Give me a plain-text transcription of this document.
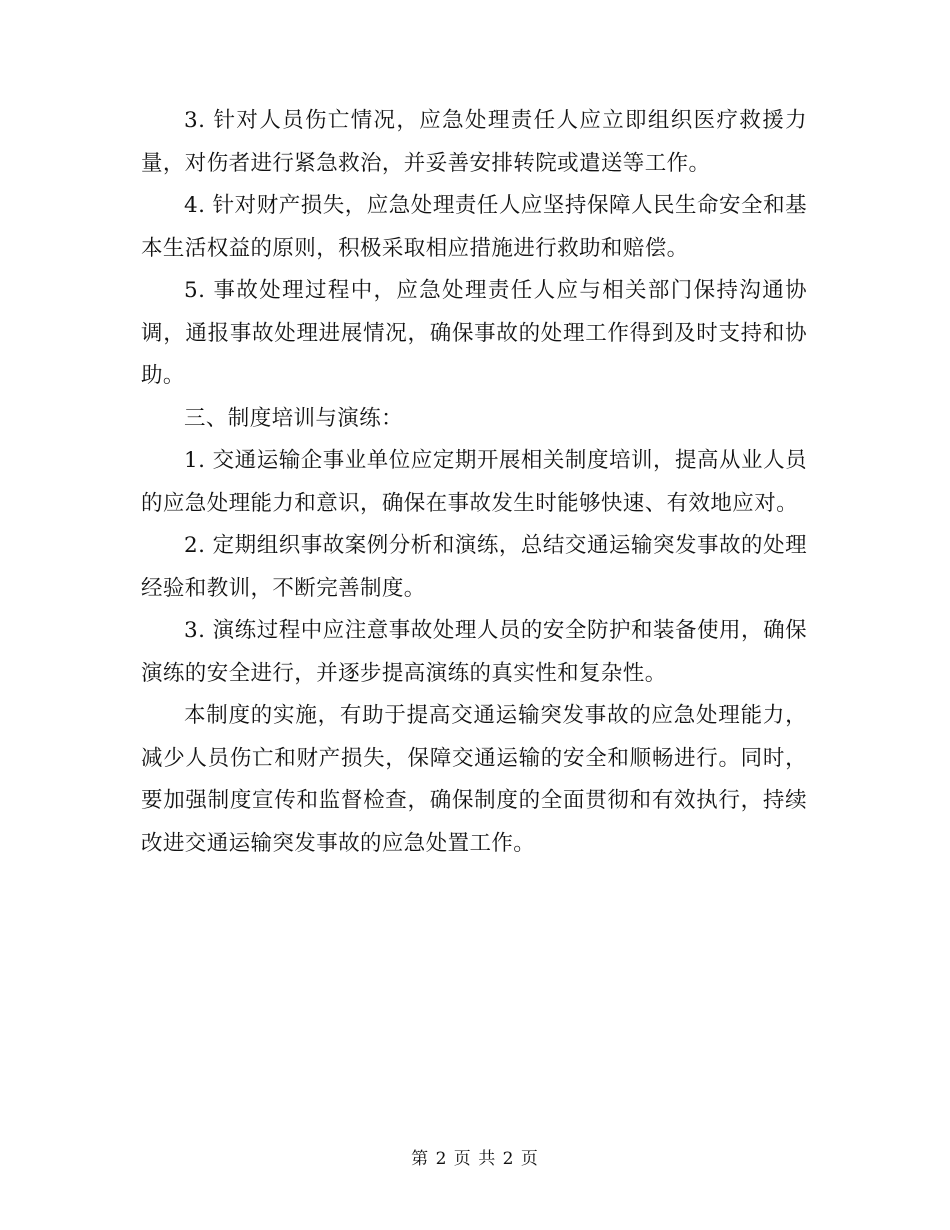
3. 针对人员伤亡情况，应急处理责任人应立即组织医疗救援力量，对伤者进行紧急救治，并妥善安排转院或遣送等工作。

4. 针对财产损失，应急处理责任人应坚持保障人民生命安全和基本生活权益的原则，积极采取相应措施进行救助和赔偿。

5. 事故处理过程中，应急处理责任人应与相关部门保持沟通协调，通报事故处理进展情况，确保事故的处理工作得到及时支持和协助。

三、制度培训与演练：

1. 交通运输企事业单位应定期开展相关制度培训，提高从业人员的应急处理能力和意识，确保在事故发生时能够快速、有效地应对。

2. 定期组织事故案例分析和演练，总结交通运输突发事故的处理经验和教训，不断完善制度。

3. 演练过程中应注意事故处理人员的安全防护和装备使用，确保演练的安全进行，并逐步提高演练的真实性和复杂性。

本制度的实施，有助于提高交通运输突发事故的应急处理能力，减少人员伤亡和财产损失，保障交通运输的安全和顺畅进行。同时，要加强制度宣传和监督检查，确保制度的全面贯彻和有效执行，持续改进交通运输突发事故的应急处置工作。

第 2 页 共 2 页
